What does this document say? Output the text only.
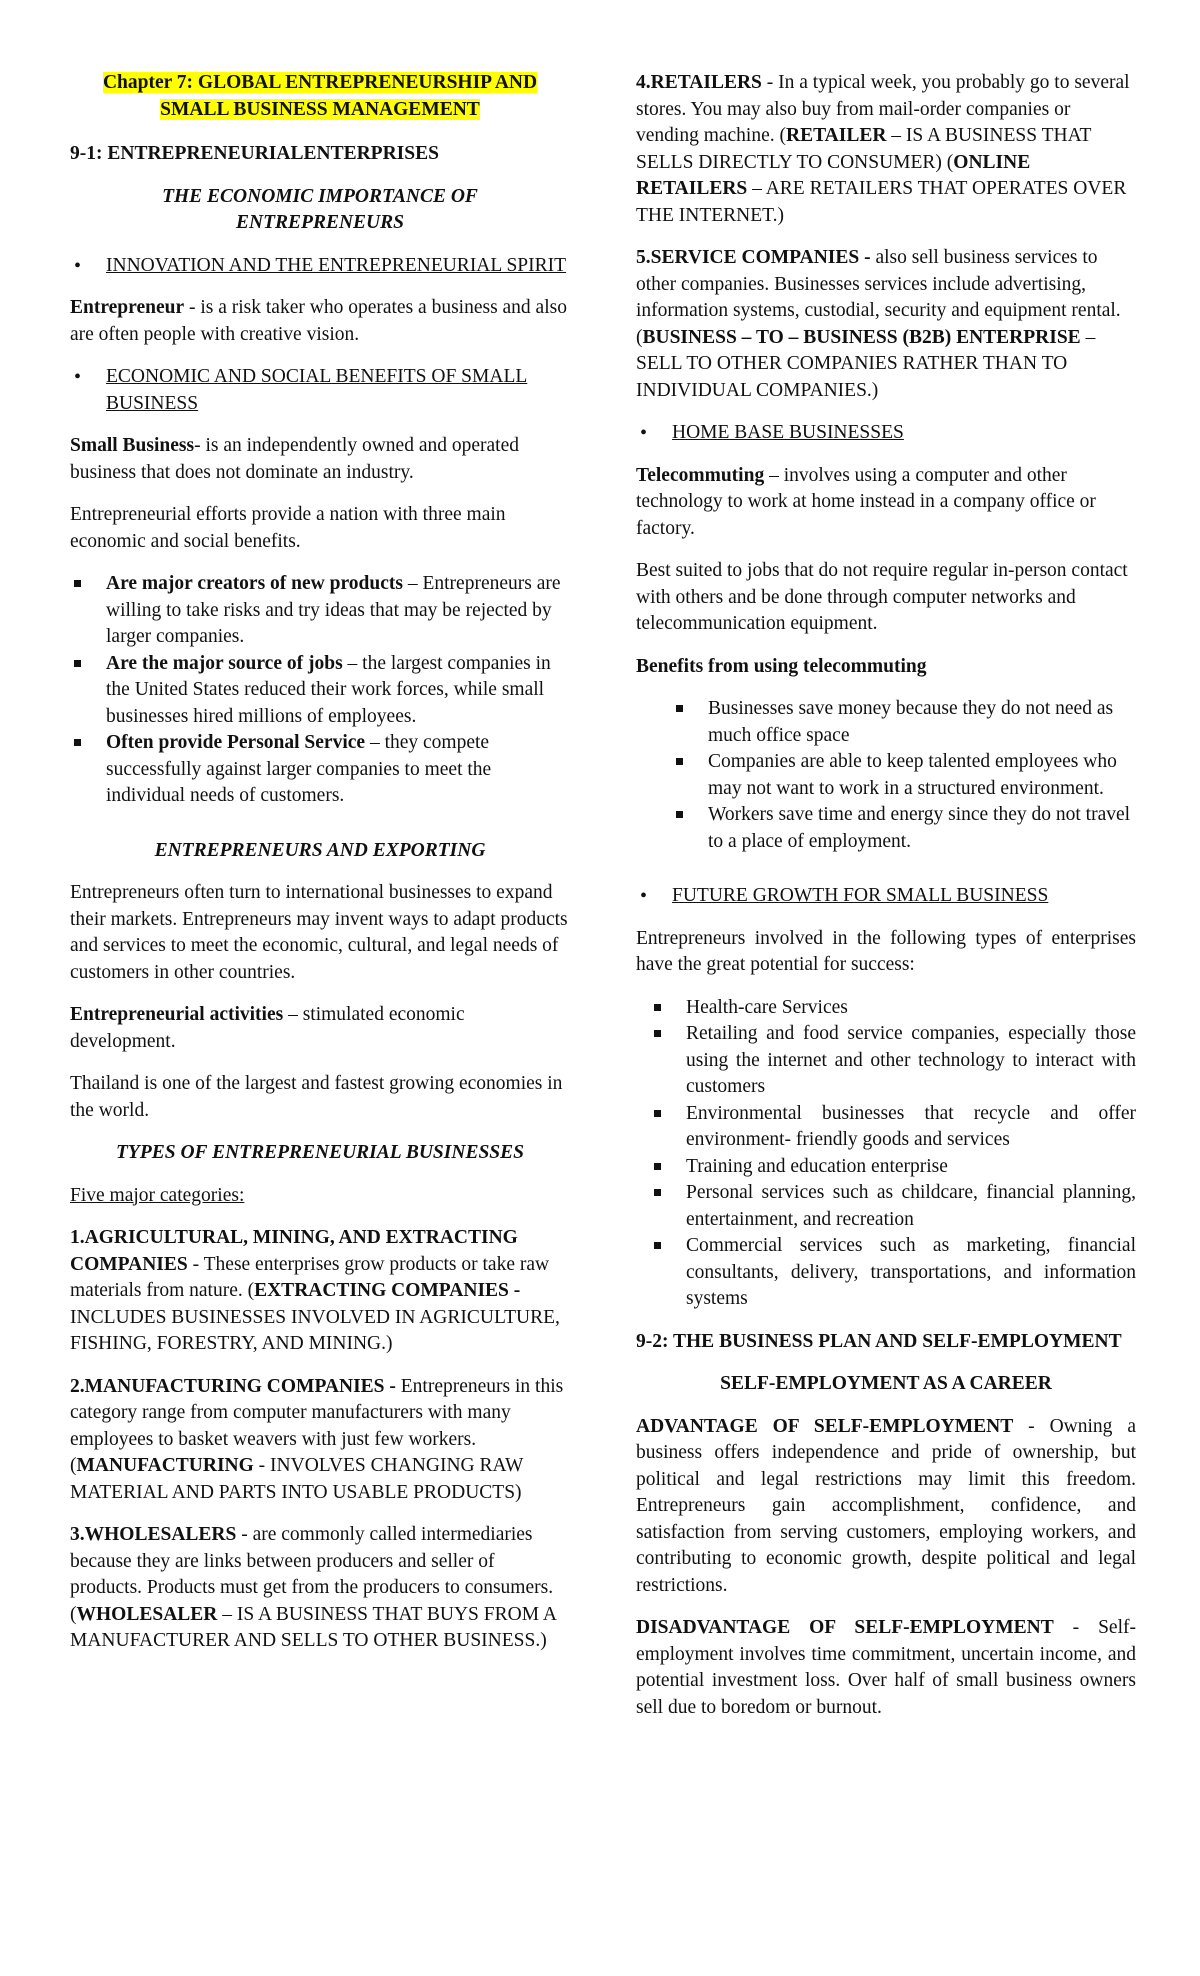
Chapter 7: GLOBAL ENTREPRENEURSHIP AND
SMALL BUSINESS MANAGEMENT

9-1: ENTREPRENEURIALENTERPRISES

THE ECONOMIC IMPORTANCE OF
ENTREPRENEURS

• INNOVATION AND THE ENTREPRENEURIAL SPIRIT

Entrepreneur - is a risk taker who operates a business and also are often people with creative vision.

• ECONOMIC AND SOCIAL BENEFITS OF SMALL BUSINESS

Small Business- is an independently owned and operated business that does not dominate an industry.

Entrepreneurial efforts provide a nation with three main economic and social benefits.

Are major creators of new products – Entrepreneurs are willing to take risks and try ideas that may be rejected by larger companies.
Are the major source of jobs – the largest companies in the United States reduced their work forces, while small businesses hired millions of employees.
Often provide Personal Service – they compete successfully against larger companies to meet the individual needs of customers.

ENTREPRENEURS AND EXPORTING

Entrepreneurs often turn to international businesses to expand their markets. Entrepreneurs may invent ways to adapt products and services to meet the economic, cultural, and legal needs of customers in other countries.

Entrepreneurial activities – stimulated economic development.

Thailand is one of the largest and fastest growing economies in the world.

TYPES OF ENTREPRENEURIAL BUSINESSES

Five major categories:

1.AGRICULTURAL, MINING, AND EXTRACTING COMPANIES - These enterprises grow products or take raw materials from nature. (EXTRACTING COMPANIES - INCLUDES BUSINESSES INVOLVED IN AGRICULTURE, FISHING, FORESTRY, AND MINING.)

2.MANUFACTURING COMPANIES - Entrepreneurs in this category range from computer manufacturers with many employees to basket weavers with just few workers. (MANUFACTURING - INVOLVES CHANGING RAW MATERIAL AND PARTS INTO USABLE PRODUCTS)

3.WHOLESALERS - are commonly called intermediaries because they are links between producers and seller of products. Products must get from the producers to consumers. (WHOLESALER – IS A BUSINESS THAT BUYS FROM A MANUFACTURER AND SELLS TO OTHER BUSINESS.)

4.RETAILERS - In a typical week, you probably go to several stores. You may also buy from mail-order companies or vending machine. (RETAILER – IS A BUSINESS THAT SELLS DIRECTLY TO CONSUMER) (ONLINE RETAILERS – ARE RETAILERS THAT OPERATES OVER THE INTERNET.)

5.SERVICE COMPANIES - also sell business services to other companies. Businesses services include advertising, information systems, custodial, security and equipment rental. (BUSINESS – TO – BUSINESS (B2B) ENTERPRISE – SELL TO OTHER COMPANIES RATHER THAN TO INDIVIDUAL COMPANIES.)

• HOME BASE BUSINESSES

Telecommuting – involves using a computer and other technology to work at home instead in a company office or factory.

Best suited to jobs that do not require regular in-person contact with others and be done through computer networks and telecommunication equipment.

Benefits from using telecommuting

Businesses save money because they do not need as much office space
Companies are able to keep talented employees who may not want to work in a structured environment.
Workers save time and energy since they do not travel to a place of employment.
• FUTURE GROWTH FOR SMALL BUSINESS

Entrepreneurs involved in the following types of enterprises have the great potential for success:

Health-care Services
Retailing and food service companies, especially those using the internet and other technology to interact with customers
Environmental businesses that recycle and offer environment- friendly goods and services
Training and education enterprise
Personal services such as childcare, financial planning, entertainment, and recreation
Commercial services such as marketing, financial consultants, delivery, transportations, and information systems

9-2: THE BUSINESS PLAN AND SELF-EMPLOYMENT

SELF-EMPLOYMENT AS A CAREER

ADVANTAGE OF SELF-EMPLOYMENT - Owning a business offers independence and pride of ownership, but political and legal restrictions may limit this freedom. Entrepreneurs gain accomplishment, confidence, and satisfaction from serving customers, employing workers, and contributing to economic growth, despite political and legal restrictions.

DISADVANTAGE OF SELF-EMPLOYMENT - Self-employment involves time commitment, uncertain income, and potential investment loss. Over half of small business owners sell due to boredom or burnout.
